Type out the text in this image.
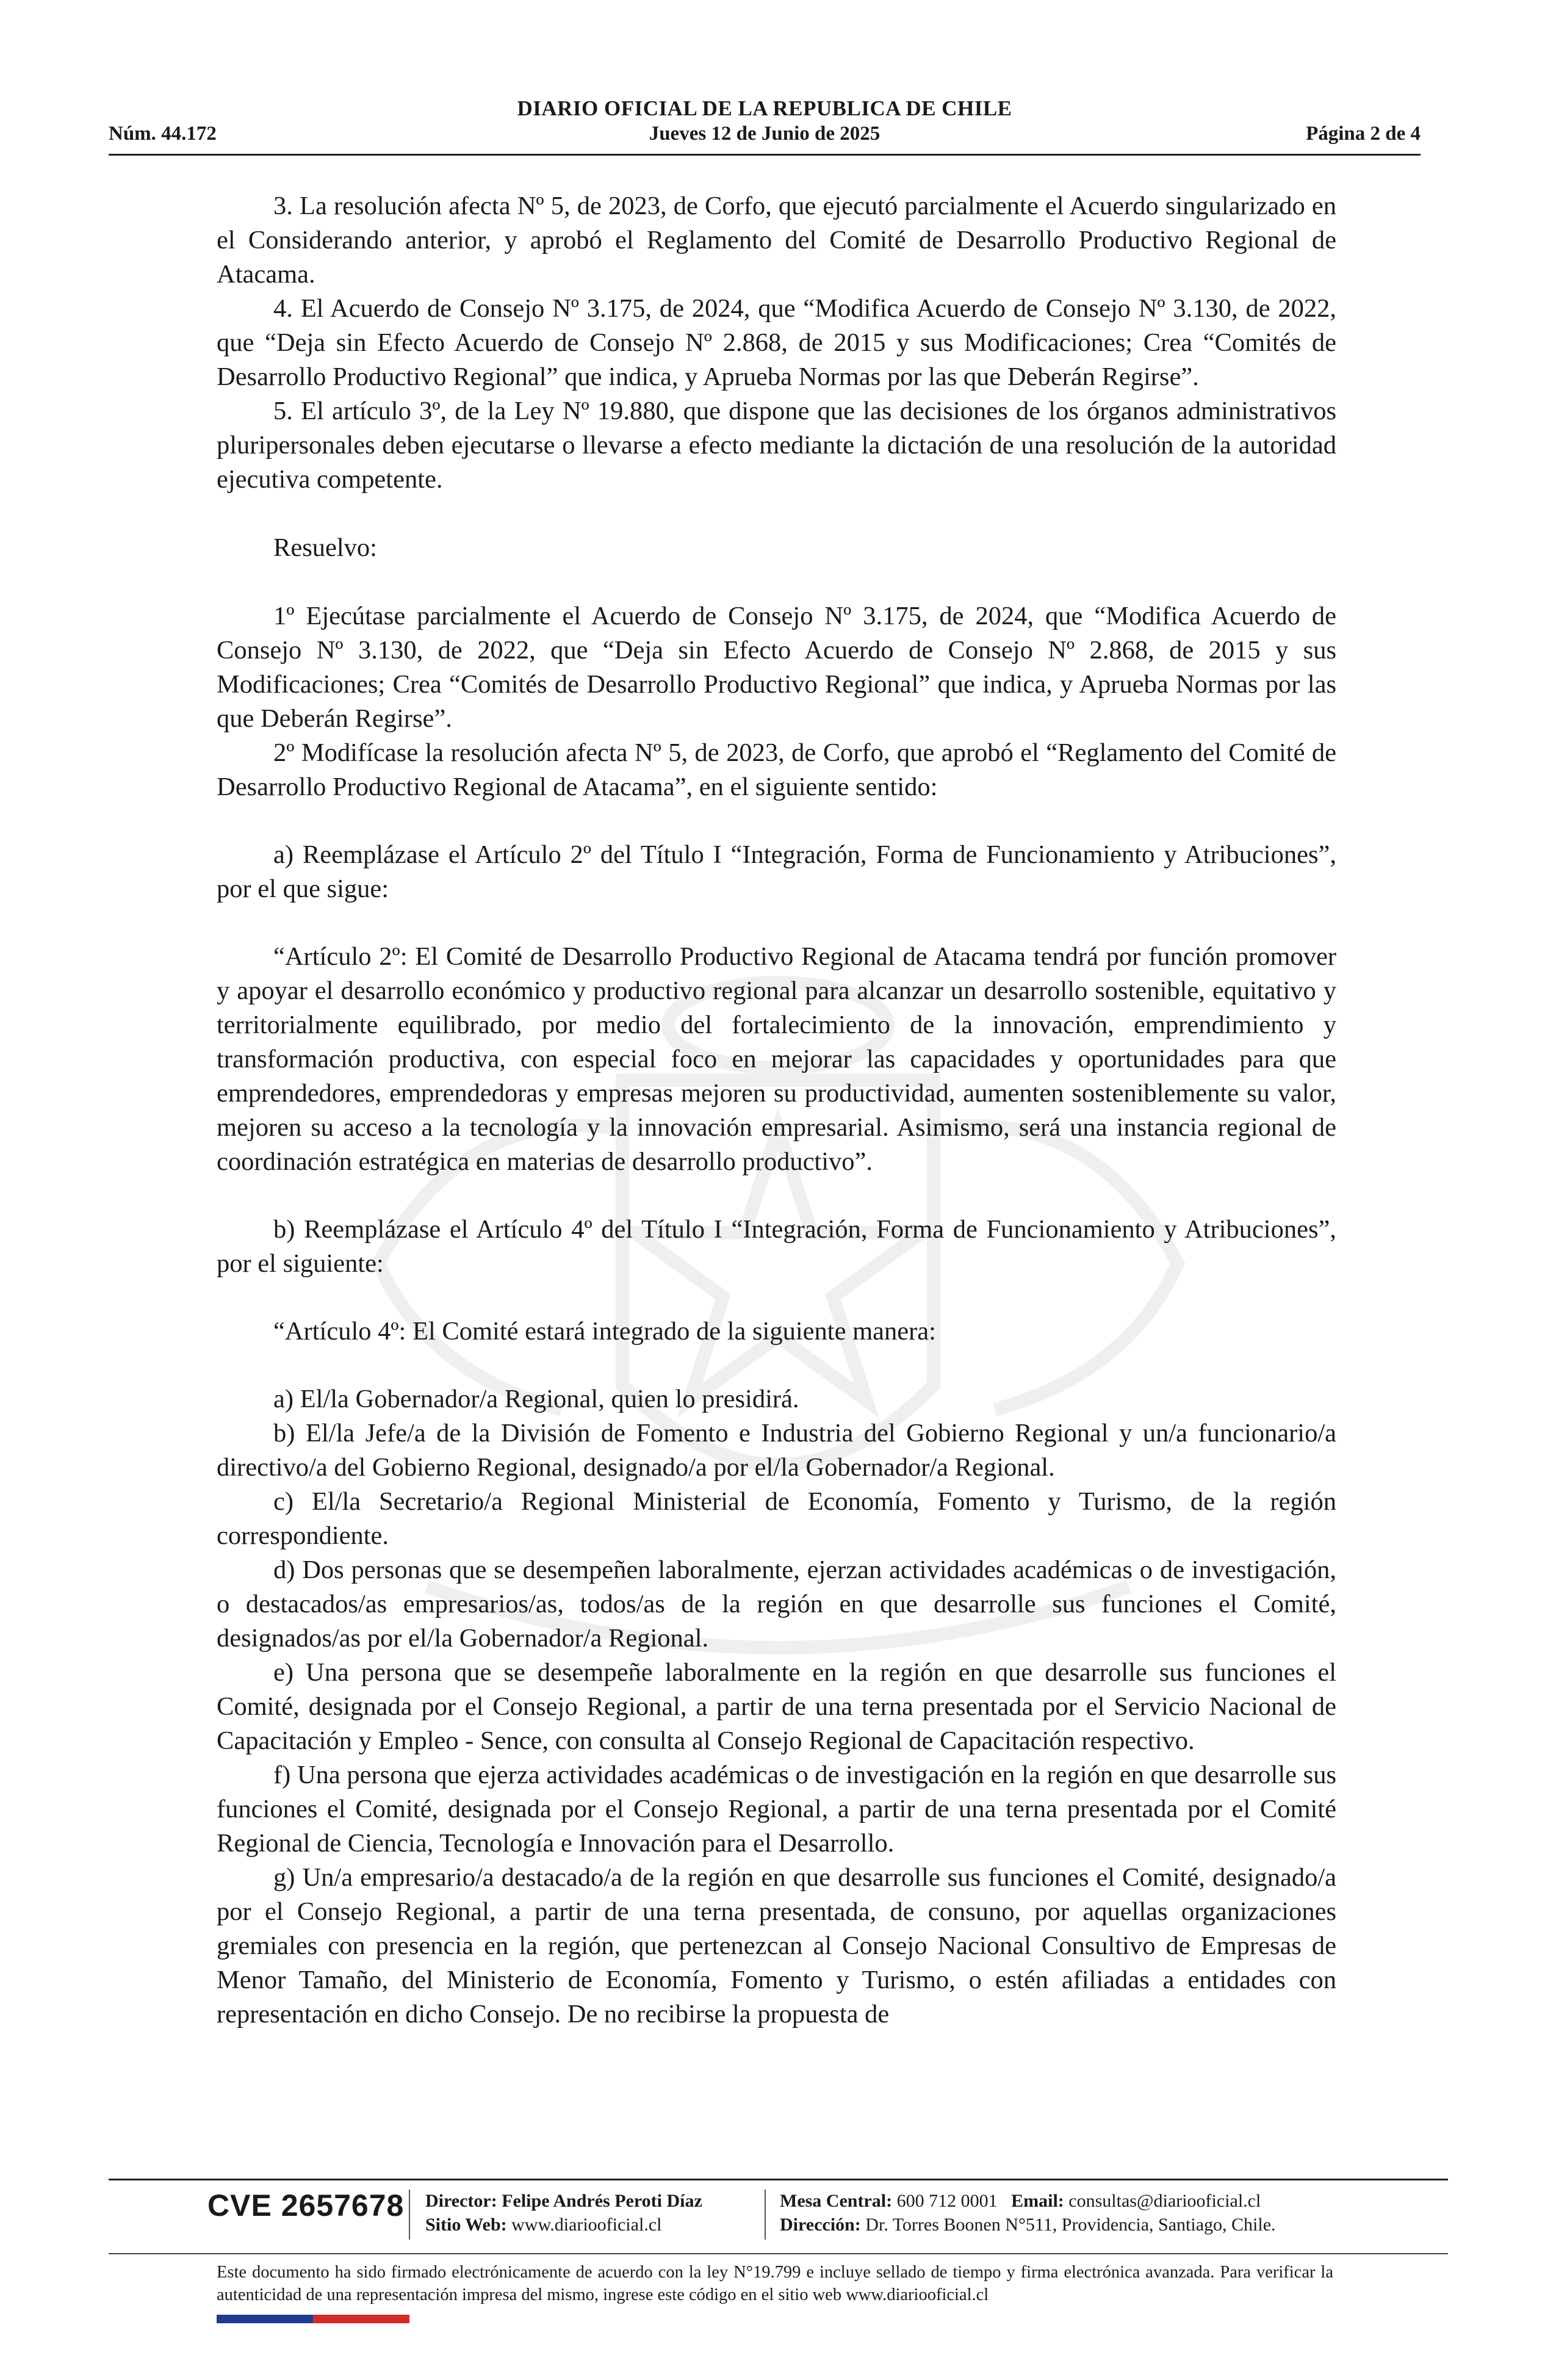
DIARIO OFICIAL DE LA REPUBLICA DE CHILE
Núm. 44.172	Jueves 12 de Junio de 2025	Página 2 de 4

3. La resolución afecta Nº 5, de 2023, de Corfo, que ejecutó parcialmente el Acuerdo singularizado en el Considerando anterior, y aprobó el Reglamento del Comité de Desarrollo Productivo Regional de Atacama.

4. El Acuerdo de Consejo Nº 3.175, de 2024, que “Modifica Acuerdo de Consejo Nº 3.130, de 2022, que “Deja sin Efecto Acuerdo de Consejo Nº 2.868, de 2015 y sus Modificaciones; Crea “Comités de Desarrollo Productivo Regional” que indica, y Aprueba Normas por las que Deberán Regirse”.

5. El artículo 3º, de la Ley Nº 19.880, que dispone que las decisiones de los órganos administrativos pluripersonales deben ejecutarse o llevarse a efecto mediante la dictación de una resolución de la autoridad ejecutiva competente.

Resuelvo:

1º Ejecútase parcialmente el Acuerdo de Consejo Nº 3.175, de 2024, que “Modifica Acuerdo de Consejo Nº 3.130, de 2022, que “Deja sin Efecto Acuerdo de Consejo Nº 2.868, de 2015 y sus Modificaciones; Crea “Comités de Desarrollo Productivo Regional” que indica, y Aprueba Normas por las que Deberán Regirse”.

2º Modifícase la resolución afecta Nº 5, de 2023, de Corfo, que aprobó el “Reglamento del Comité de Desarrollo Productivo Regional de Atacama”, en el siguiente sentido:

a) Reemplázase el Artículo 2º del Título I “Integración, Forma de Funcionamiento y Atribuciones”, por el que sigue:

“Artículo 2º: El Comité de Desarrollo Productivo Regional de Atacama tendrá por función promover y apoyar el desarrollo económico y productivo regional para alcanzar un desarrollo sostenible, equitativo y territorialmente equilibrado, por medio del fortalecimiento de la innovación, emprendimiento y transformación productiva, con especial foco en mejorar las capacidades y oportunidades para que emprendedores, emprendedoras y empresas mejoren su productividad, aumenten sosteniblemente su valor, mejoren su acceso a la tecnología y la innovación empresarial. Asimismo, será una instancia regional de coordinación estratégica en materias de desarrollo productivo”.

b) Reemplázase el Artículo 4º del Título I “Integración, Forma de Funcionamiento y Atribuciones”, por el siguiente:

“Artículo 4º: El Comité estará integrado de la siguiente manera:

a) El/la Gobernador/a Regional, quien lo presidirá.

b) El/la Jefe/a de la División de Fomento e Industria del Gobierno Regional y un/a funcionario/a directivo/a del Gobierno Regional, designado/a por el/la Gobernador/a Regional.

c) El/la Secretario/a Regional Ministerial de Economía, Fomento y Turismo, de la región correspondiente.

d) Dos personas que se desempeñen laboralmente, ejerzan actividades académicas o de investigación, o destacados/as empresarios/as, todos/as de la región en que desarrolle sus funciones el Comité, designados/as por el/la Gobernador/a Regional.

e) Una persona que se desempeñe laboralmente en la región en que desarrolle sus funciones el Comité, designada por el Consejo Regional, a partir de una terna presentada por el Servicio Nacional de Capacitación y Empleo - Sence, con consulta al Consejo Regional de Capacitación respectivo.

f) Una persona que ejerza actividades académicas o de investigación en la región en que desarrolle sus funciones el Comité, designada por el Consejo Regional, a partir de una terna presentada por el Comité Regional de Ciencia, Tecnología e Innovación para el Desarrollo.

g) Un/a empresario/a destacado/a de la región en que desarrolle sus funciones el Comité, designado/a por el Consejo Regional, a partir de una terna presentada, de consuno, por aquellas organizaciones gremiales con presencia en la región, que pertenezcan al Consejo Nacional Consultivo de Empresas de Menor Tamaño, del Ministerio de Economía, Fomento y Turismo, o estén afiliadas a entidades con representación en dicho Consejo. De no recibirse la propuesta de

CVE 2657678 Director: Felipe Andrés Peroti Díaz
Sitio Web: www.diariooficial.cl
Mesa Central: 600 712 0001 Email: consultas@diariooficial.cl
Dirección: Dr. Torres Boonen N°511, Providencia, Santiago, Chile.
Este documento ha sido firmado electrónicamente de acuerdo con la ley N°19.799 e incluye sellado de tiempo y firma electrónica avanzada. Para verificar la autenticidad de una representación impresa del mismo, ingrese este código en el sitio web www.diariooficial.cl
